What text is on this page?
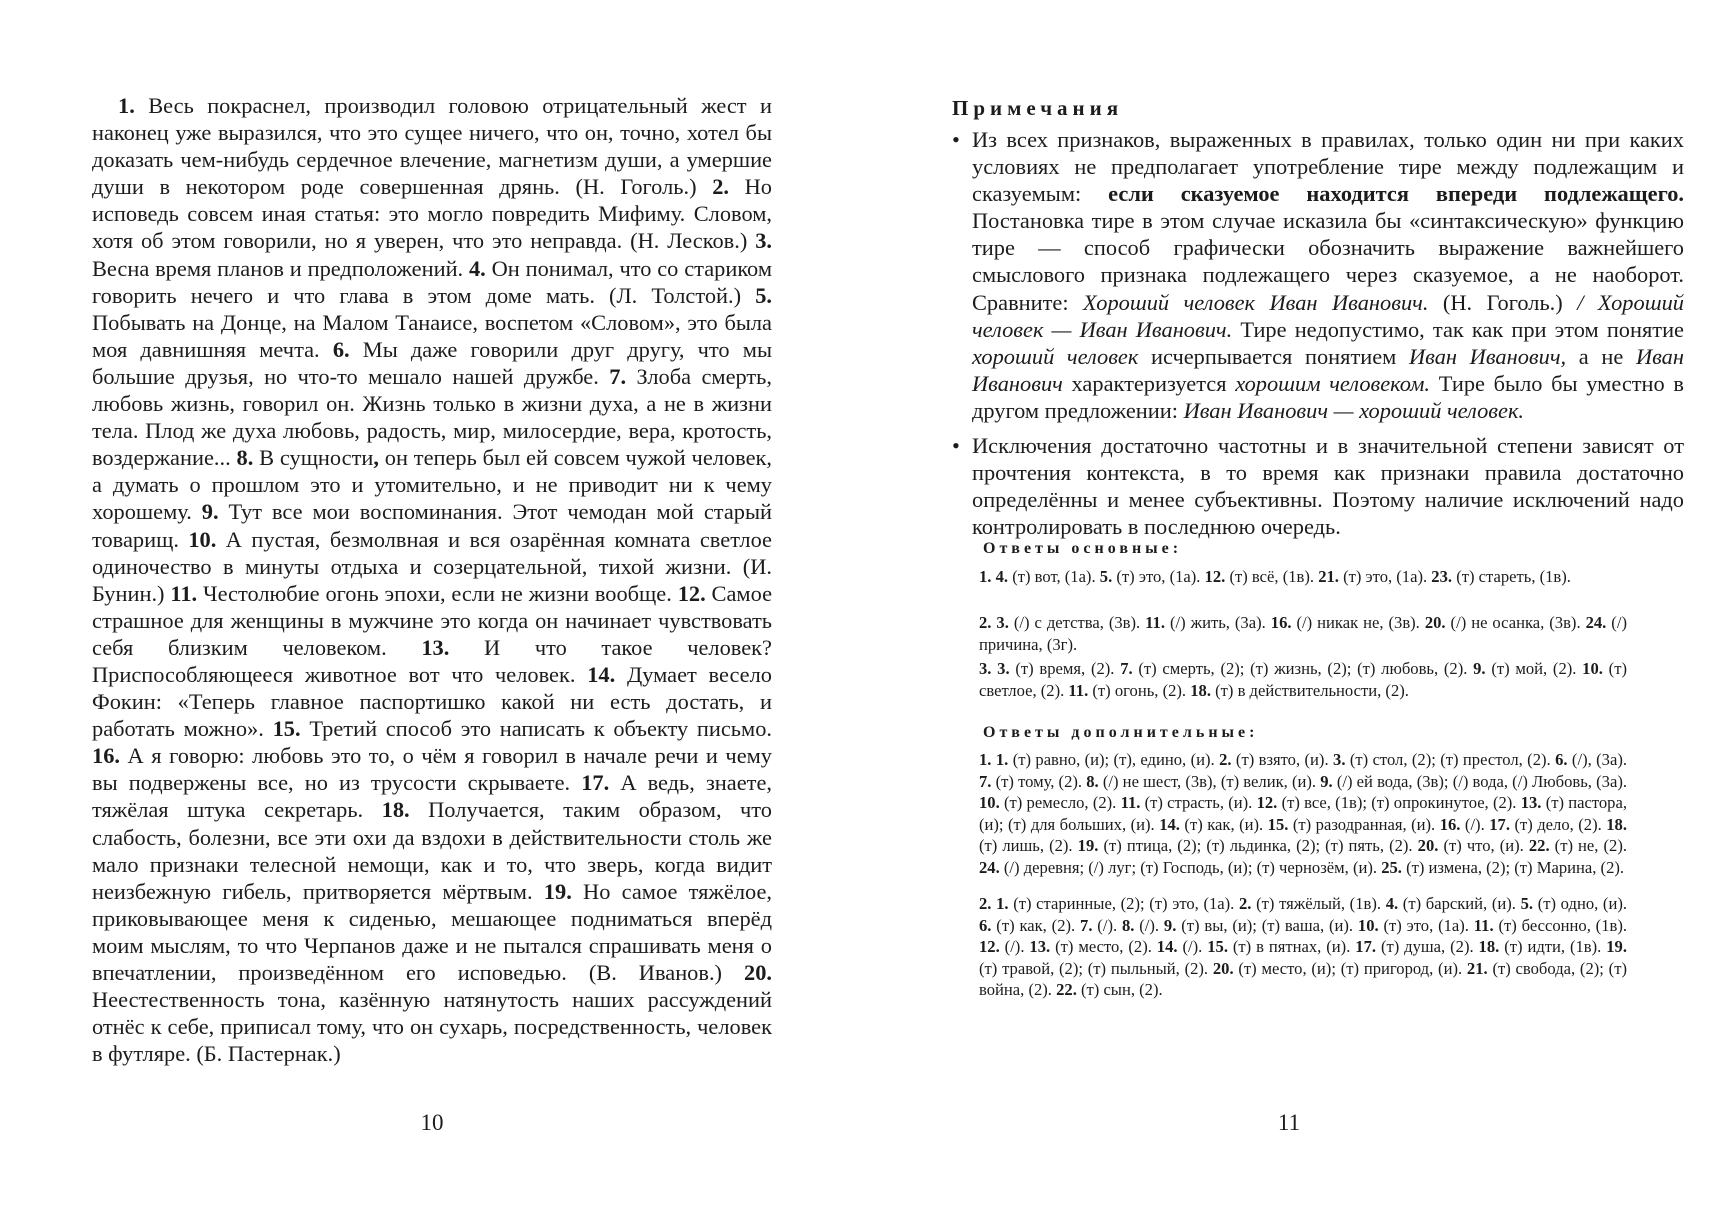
1. Весь покраснел, производил головою отрицательный жест и наконец уже выразился, что это сущее ничего, что он, точно, хотел бы доказать чем-нибудь сердечное влечение, магнетизм души, а умершие души в некотором роде совершенная дрянь. (Н. Гоголь.) 2. Но исповедь совсем иная статья: это могло повредить Мифиму. Словом, хотя об этом говорили, но я уверен, что это неправда. (Н. Лесков.) 3. Весна время планов и предположений. 4. Он понимал, что со стариком говорить нечего и что глава в этом доме мать. (Л. Толстой.) 5. Побывать на Донце, на Малом Танаисе, воспетом «Словом», это была моя давнишняя мечта. 6. Мы даже говорили друг другу, что мы большие друзья, но что-то мешало нашей дружбе. 7. Злоба смерть, любовь жизнь, говорил он. Жизнь только в жизни духа, а не в жизни тела. Плод же духа любовь, радость, мир, милосердие, вера, кротость, воздержание... 8. В сущности, он теперь был ей совсем чужой человек, а думать о прошлом это и утомительно, и не приводит ни к чему хорошему. 9. Тут все мои воспоминания. Этот чемодан мой старый товарищ. 10. А пустая, безмолвная и вся озарённая комната светлое одиночество в минуты отдыха и созерцательной, тихой жизни. (И. Бунин.) 11. Честолюбие огонь эпохи, если не жизни вообще. 12. Самое страшное для женщины в мужчине это когда он начинает чувствовать себя близким человеком. 13. И что такое человек? Приспособляющееся животное вот что человек. 14. Думает весело Фокин: «Теперь главное паспортишко какой ни есть достать, и работать можно». 15. Третий способ это написать к объекту письмо. 16. А я говорю: любовь это то, о чём я говорил в начале речи и чему вы подвержены все, но из трусости скрываете. 17. А ведь, знаете, тяжёлая штука секретарь. 18. Получается, таким образом, что слабость, болезни, все эти охи да вздохи в действительности столь же мало признаки телесной немощи, как и то, что зверь, когда видит неизбежную гибель, притворяется мёртвым. 19. Но самое тяжёлое, приковывающее меня к сиденью, мешающее подниматься вперёд моим мыслям, то что Черпанов даже и не пытался спрашивать меня о впечатлении, произведённом его исповедью. (В. Иванов.) 20. Неестественность тона, казённую натянутость наших рассуждений отнёс к себе, приписал тому, что он сухарь, посредственность, человек в футляре. (Б. Пастернак.)

10
Примечания
• Из всех признаков, выраженных в правилах, только один ни при каких условиях не предполагает употребление тире между подлежащим и сказуемым: если сказуемое находится впереди подлежащего. Постановка тире в этом случае исказила бы «синтаксическую» функцию тире — способ графически обозначить выражение важнейшего смыслового признака подлежащего через сказуемое, а не наоборот. Сравните: Хороший человек Иван Иванович. (Н. Гоголь.) / Хороший человек — Иван Иванович. Тире недопустимо, так как при этом понятие хороший человек исчерпывается понятием Иван Иванович, а не Иван Иванович характеризуется хорошим человеком. Тире было бы уместно в другом предложении: Иван Иванович — хороший человек.
• Исключения достаточно частотны и в значительной степени зависят от прочтения контекста, в то время как признаки правила достаточно определённы и менее субъективны. Поэтому наличие исключений надо контролировать в последнюю очередь.
Ответы основные:

1. 4. (т) вот, (1а). 5. (т) это, (1а). 12. (т) всё, (1в). 21. (т) это, (1а). 23. (т) стареть, (1в).

2. 3. (/) с детства, (3в). 11. (/) жить, (3а). 16. (/) никак не, (3в). 20. (/) не осанка, (3в). 24. (/) причина, (3г).

3. 3. (т) время, (2). 7. (т) смерть, (2); (т) жизнь, (2); (т) любовь, (2). 9. (т) мой, (2). 10. (т) светлое, (2). 11. (т) огонь, (2). 18. (т) в действительности, (2).

Ответы дополнительные:

1. 1. (т) равно, (и); (т), едино, (и). 2. (т) взято, (и). 3. (т) стол, (2); (т) престол, (2). 6. (/), (3а). 7. (т) тому, (2). 8. (/) не шест, (3в), (т) велик, (и). 9. (/) ей вода, (3в); (/) вода, (/) Любовь, (3а). 10. (т) ремесло, (2). 11. (т) страсть, (и). 12. (т) все, (1в); (т) опрокинутое, (2). 13. (т) пастора, (и); (т) для больших, (и). 14. (т) как, (и). 15. (т) разодранная, (и). 16. (/). 17. (т) дело, (2). 18. (т) лишь, (2). 19. (т) птица, (2); (т) льдинка, (2); (т) пять, (2). 20. (т) что, (и). 22. (т) не, (2). 24. (/) деревня; (/) луг; (т) Господь, (и); (т) чернозём, (и). 25. (т) измена, (2); (т) Марина, (2).

2. 1. (т) старинные, (2); (т) это, (1а). 2. (т) тяжёлый, (1в). 4. (т) барский, (и). 5. (т) одно, (и). 6. (т) как, (2). 7. (/). 8. (/). 9. (т) вы, (и); (т) ваша, (и). 10. (т) это, (1а). 11. (т) бессонно, (1в). 12. (/). 13. (т) место, (2). 14. (/). 15. (т) в пятнах, (и). 17. (т) душа, (2). 18. (т) идти, (1в). 19. (т) травой, (2); (т) пыльный, (2). 20. (т) место, (и); (т) пригород, (и). 21. (т) свобода, (2); (т) война, (2). 22. (т) сын, (2).

11
